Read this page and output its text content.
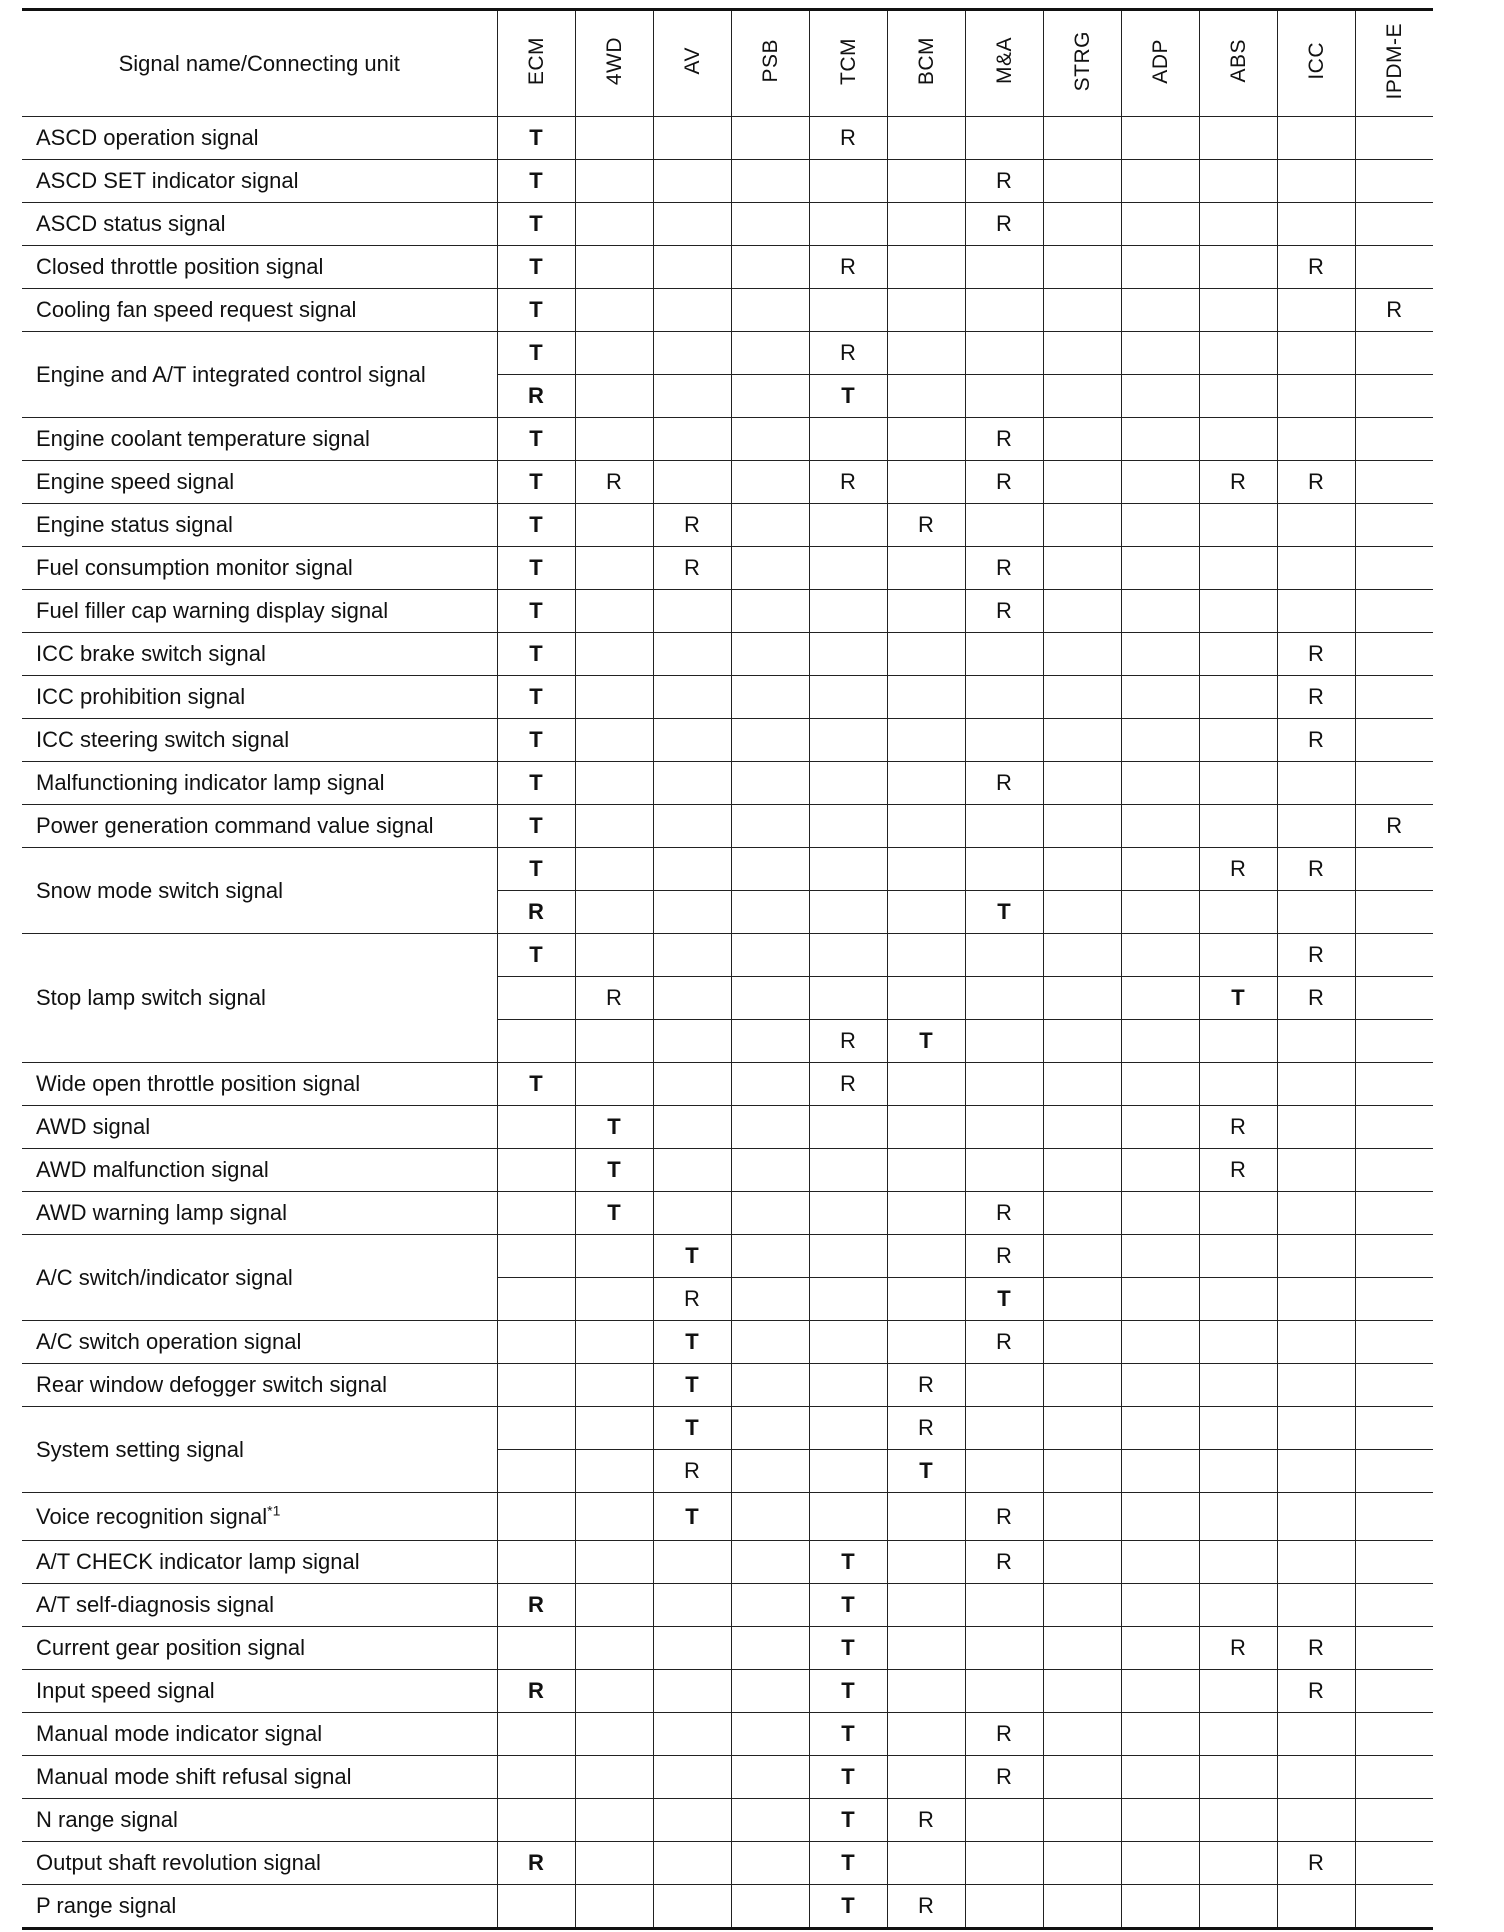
Signal name/Connecting unit	ECM	4WD	AV	PSB	TCM	BCM	M&A	STRG	ADP	ABS	ICC	IPDM-E
ASCD operation signal	T				R							
ASCD SET indicator signal	T						R					
ASCD status signal	T						R					
Closed throttle position signal	T				R						R	
Cooling fan speed request signal	T											R
Engine and A/T integrated control signal	T				R							
	R				T							
Engine coolant temperature signal	T						R					
Engine speed signal	T	R			R		R			R	R	
Engine status signal	T		R			R						
Fuel consumption monitor signal	T		R				R					
Fuel filler cap warning display signal	T						R					
ICC brake switch signal	T										R	
ICC prohibition signal	T										R	
ICC steering switch signal	T										R	
Malfunctioning indicator lamp signal	T						R					
Power generation command value signal	T											R
Snow mode switch signal	T									R	R	
	R						T					
Stop lamp switch signal	T										R	
		R								T	R	
					R	T						
Wide open throttle position signal	T				R							
AWD signal		T								R		
AWD malfunction signal		T								R		
AWD warning lamp signal		T					R					
A/C switch/indicator signal			T				R					
			R				T					
A/C switch operation signal			T				R					
Rear window defogger switch signal			T			R						
System setting signal			T			R						
			R			T						
Voice recognition signal$^{*1}$			T				R					
A/T CHECK indicator lamp signal					T		R					
A/T self-diagnosis signal	R				T							
Current gear position signal					T					R	R	
Input speed signal	R				T						R	
Manual mode indicator signal					T		R					
Manual mode shift refusal signal					T		R					
N range signal					T	R						
Output shaft revolution signal	R				T						R	
P range signal					T	R						
